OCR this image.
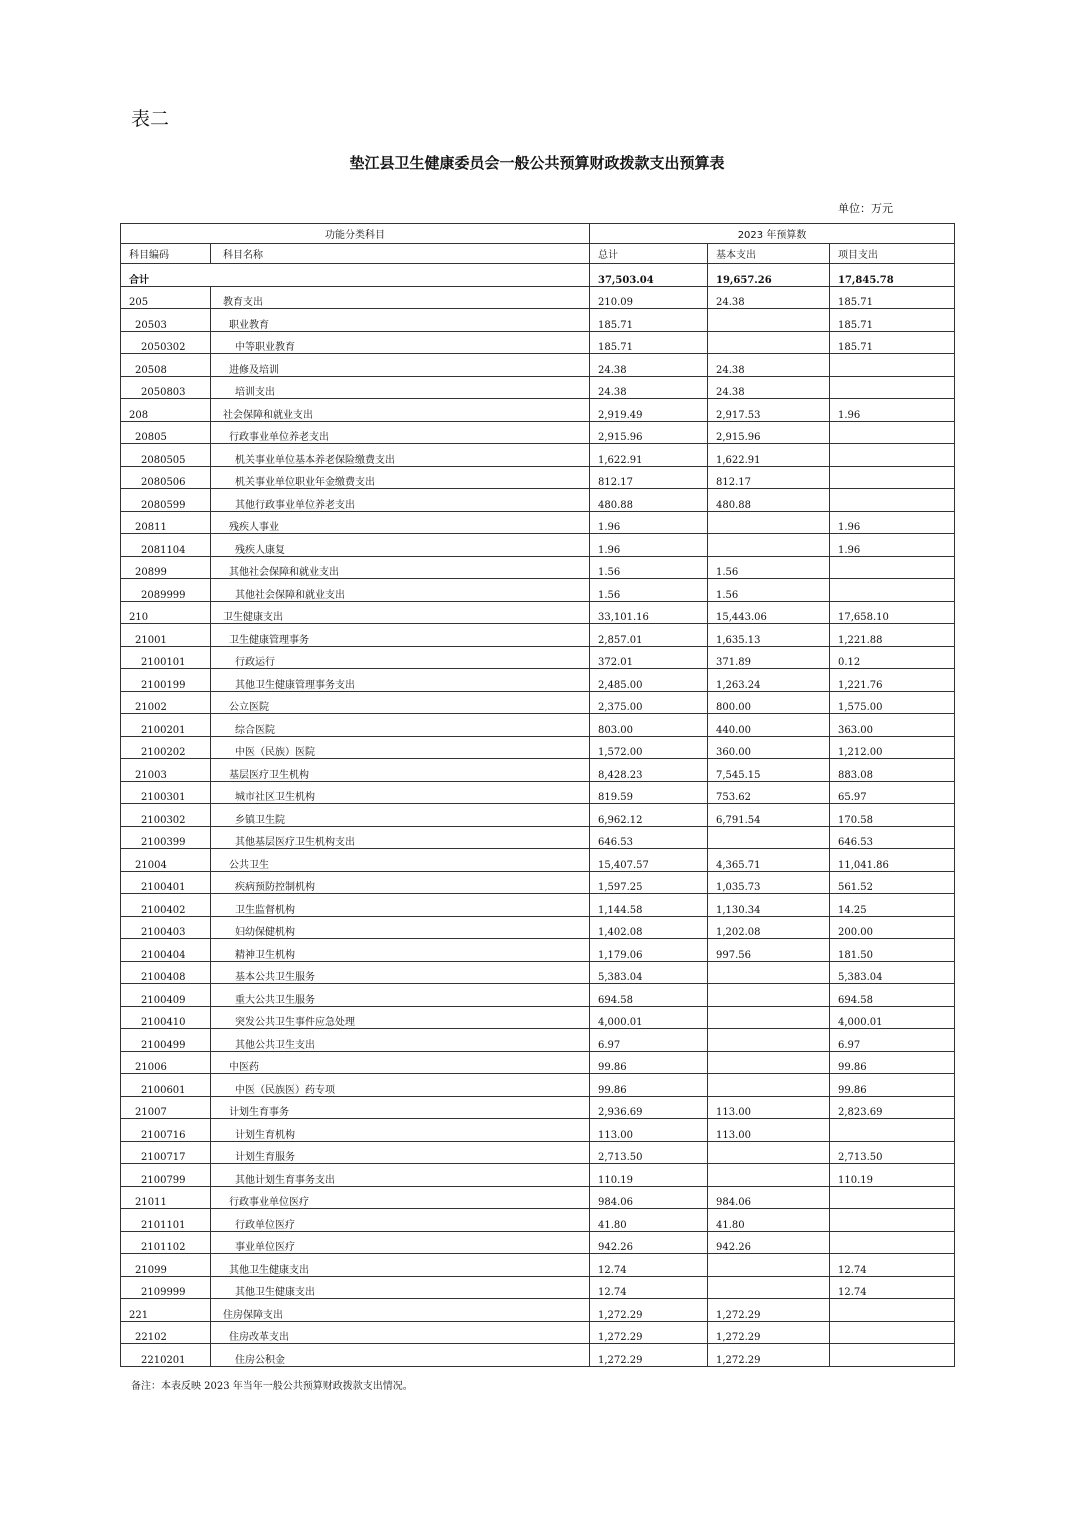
表二
垫江县卫生健康委员会一般公共预算财政拨款支出预算表
单位：万元
功能分类科目		2023 年预算数		
科目编码	科目名称	总计	基本支出	项目支出
合计		37,503.04	19,657.26	17,845.78
205	教育支出	210.09	24.38	185.71
20503	职业教育	185.71		185.71
2050302	中等职业教育	185.71		185.71
20508	进修及培训	24.38	24.38	
2050803	培训支出	24.38	24.38	
208	社会保障和就业支出	2,919.49	2,917.53	1.96
20805	行政事业单位养老支出	2,915.96	2,915.96	
2080505	机关事业单位基本养老保险缴费支出	1,622.91	1,622.91	
2080506	机关事业单位职业年金缴费支出	812.17	812.17	
2080599	其他行政事业单位养老支出	480.88	480.88	
20811	残疾人事业	1.96		1.96
2081104	残疾人康复	1.96		1.96
20899	其他社会保障和就业支出	1.56	1.56	
2089999	其他社会保障和就业支出	1.56	1.56	
210	卫生健康支出	33,101.16	15,443.06	17,658.10
21001	卫生健康管理事务	2,857.01	1,635.13	1,221.88
2100101	行政运行	372.01	371.89	0.12
2100199	其他卫生健康管理事务支出	2,485.00	1,263.24	1,221.76
21002	公立医院	2,375.00	800.00	1,575.00
2100201	综合医院	803.00	440.00	363.00
2100202	中医（民族）医院	1,572.00	360.00	1,212.00
21003	基层医疗卫生机构	8,428.23	7,545.15	883.08
2100301	城市社区卫生机构	819.59	753.62	65.97
2100302	乡镇卫生院	6,962.12	6,791.54	170.58
2100399	其他基层医疗卫生机构支出	646.53		646.53
21004	公共卫生	15,407.57	4,365.71	11,041.86
2100401	疾病预防控制机构	1,597.25	1,035.73	561.52
2100402	卫生监督机构	1,144.58	1,130.34	14.25
2100403	妇幼保健机构	1,402.08	1,202.08	200.00
2100404	精神卫生机构	1,179.06	997.56	181.50
2100408	基本公共卫生服务	5,383.04		5,383.04
2100409	重大公共卫生服务	694.58		694.58
2100410	突发公共卫生事件应急处理	4,000.01		4,000.01
2100499	其他公共卫生支出	6.97		6.97
21006	中医药	99.86		99.86
2100601	中医（民族医）药专项	99.86		99.86
21007	计划生育事务	2,936.69	113.00	2,823.69
2100716	计划生育机构	113.00	113.00	
2100717	计划生育服务	2,713.50		2,713.50
2100799	其他计划生育事务支出	110.19		110.19
21011	行政事业单位医疗	984.06	984.06	
2101101	行政单位医疗	41.80	41.80	
2101102	事业单位医疗	942.26	942.26	
21099	其他卫生健康支出	12.74		12.74
2109999	其他卫生健康支出	12.74		12.74
221	住房保障支出	1,272.29	1,272.29	
22102	住房改革支出	1,272.29	1,272.29	
2210201	住房公积金	1,272.29	1,272.29	
备注：本表反映 2023 年当年一般公共预算财政拨款支出情况。
